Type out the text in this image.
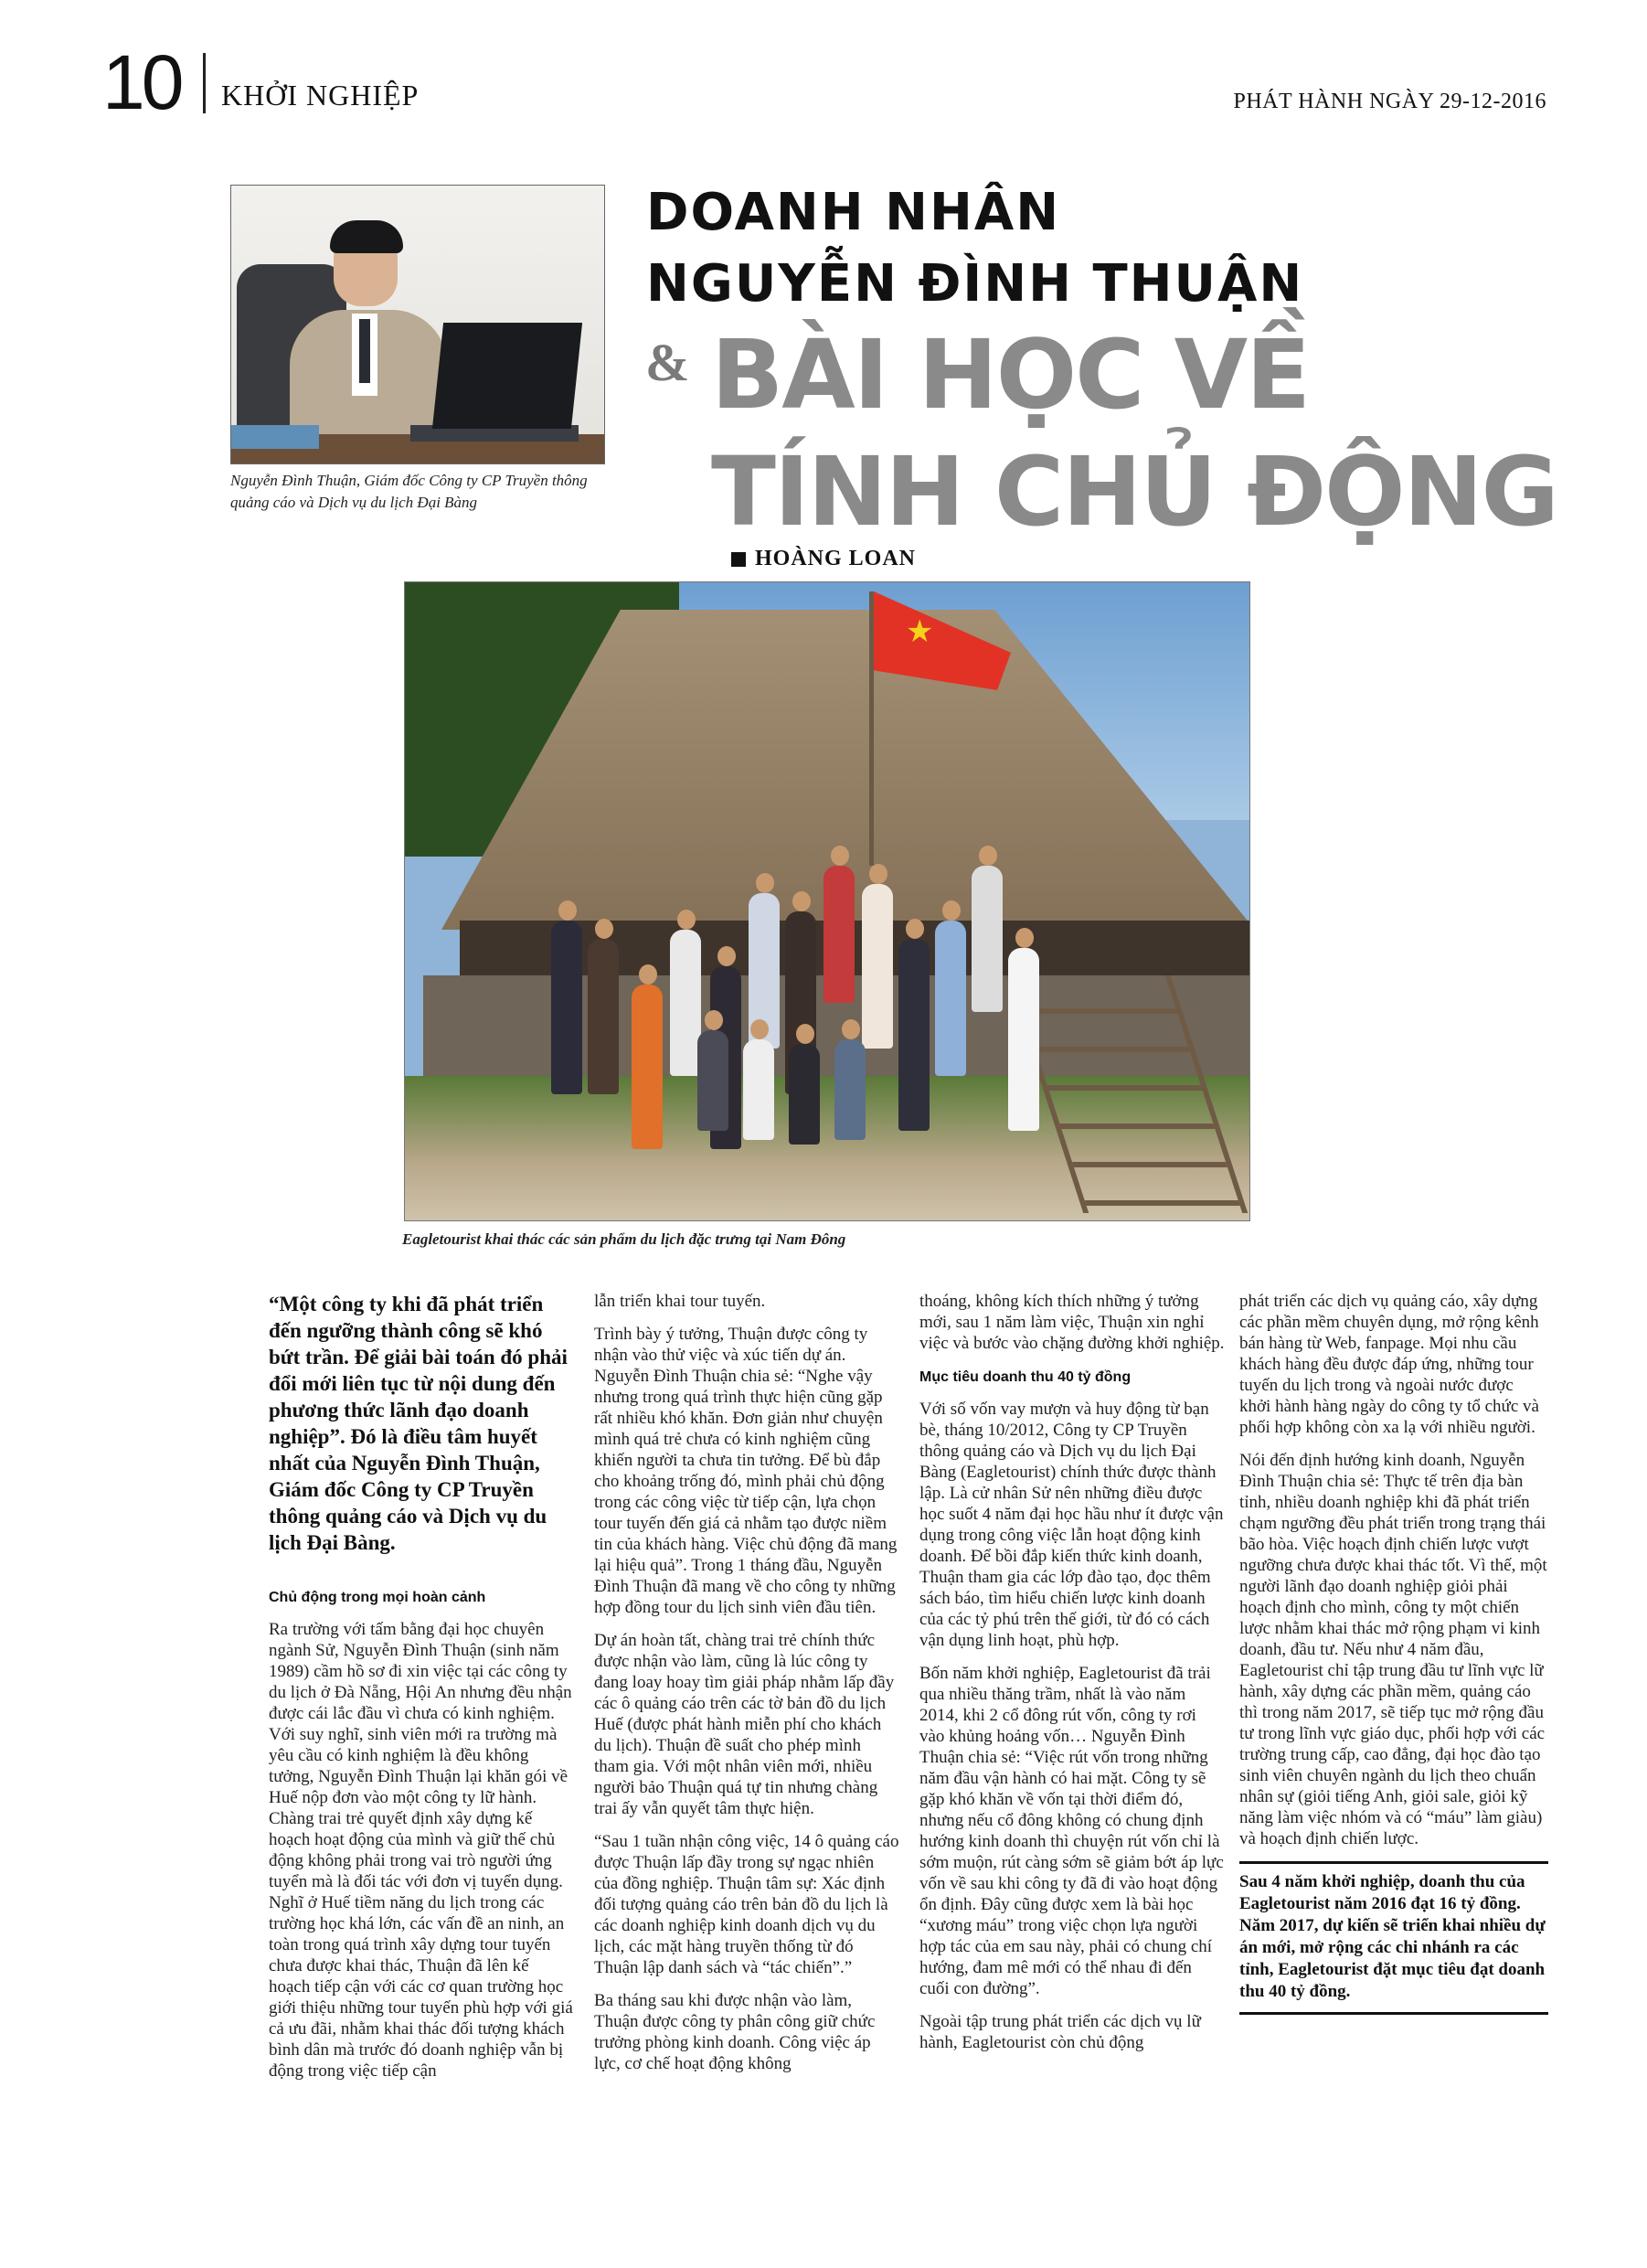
10 KHỞI NGHIỆP	PHÁT HÀNH NGÀY 29-12-2016
Nguyễn Đình Thuận, Giám đốc Công ty CP Truyền thông quảng cáo và Dịch vụ du lịch Đại Bàng
DOANH NHÂN
NGUYỄN ĐÌNH THUẬN
& BÀI HỌC VỀ
TÍNH CHỦ ĐỘNG
HOÀNG LOAN
★
Eagletourist khai thác các sản phẩm du lịch đặc trưng tại Nam Đông
“Một công ty khi đã phát triển đến ngưỡng thành công sẽ khó bứt trần. Để giải bài toán đó phải đổi mới liên tục từ nội dung đến phương thức lãnh đạo doanh nghiệp”. Đó là điều tâm huyết nhất của Nguyễn Đình Thuận, Giám đốc Công ty CP Truyền thông quảng cáo và Dịch vụ du lịch Đại Bàng.
Chủ động trong mọi hoàn cảnh

Ra trường với tấm bằng đại học chuyên ngành Sử, Nguyễn Đình Thuận (sinh năm 1989) cầm hồ sơ đi xin việc tại các công ty du lịch ở Đà Nẵng, Hội An nhưng đều nhận được cái lắc đầu vì chưa có kinh nghiệm. Với suy nghĩ, sinh viên mới ra trường mà yêu cầu có kinh nghiệm là đều không tưởng, Nguyễn Đình Thuận lại khăn gói về Huế nộp đơn vào một công ty lữ hành. Chàng trai trẻ quyết định xây dựng kế hoạch hoạt động của mình và giữ thế chủ động không phải trong vai trò người ứng tuyển mà là đối tác với đơn vị tuyển dụng. Nghĩ ở Huế tiềm năng du lịch trong các trường học khá lớn, các vấn đề an ninh, an toàn trong quá trình xây dựng tour tuyến chưa được khai thác, Thuận đã lên kế hoạch tiếp cận với các cơ quan trường học giới thiệu những tour tuyến phù hợp với giá cả ưu đãi, nhằm khai thác đối tượng khách bình dân mà trước đó doanh nghiệp vẫn bị động trong việc tiếp cận

lẫn triển khai tour tuyến.

Trình bày ý tưởng, Thuận được công ty nhận vào thử việc và xúc tiến dự án. Nguyễn Đình Thuận chia sẻ: “Nghe vậy nhưng trong quá trình thực hiện cũng gặp rất nhiều khó khăn. Đơn giản như chuyện mình quá trẻ chưa có kinh nghiệm cũng khiến người ta chưa tin tưởng. Để bù đắp cho khoảng trống đó, mình phải chủ động trong các công việc từ tiếp cận, lựa chọn tour tuyến đến giá cả nhằm tạo được niềm tin của khách hàng. Việc chủ động đã mang lại hiệu quả”. Trong 1 tháng đầu, Nguyễn Đình Thuận đã mang về cho công ty những hợp đồng tour du lịch sinh viên đầu tiên.

Dự án hoàn tất, chàng trai trẻ chính thức được nhận vào làm, cũng là lúc công ty đang loay hoay tìm giải pháp nhằm lấp đầy các ô quảng cáo trên các tờ bản đồ du lịch Huế (được phát hành miễn phí cho khách du lịch). Thuận đề suất cho phép mình tham gia. Với một nhân viên mới, nhiều người bảo Thuận quá tự tin nhưng chàng trai ấy vẫn quyết tâm thực hiện.

“Sau 1 tuần nhận công việc, 14 ô quảng cáo được Thuận lấp đầy trong sự ngạc nhiên của đồng nghiệp. Thuận tâm sự: Xác định đối tượng quảng cáo trên bản đồ du lịch là các doanh nghiệp kinh doanh dịch vụ du lịch, các mặt hàng truyền thống từ đó Thuận lập danh sách và “tác chiến”.”

Ba tháng sau khi được nhận vào làm, Thuận được công ty phân công giữ chức trưởng phòng kinh doanh. Công việc áp lực, cơ chế hoạt động không

thoáng, không kích thích những ý tưởng mới, sau 1 năm làm việc, Thuận xin nghỉ việc và bước vào chặng đường khởi nghiệp.

Mục tiêu doanh thu 40 tỷ đồng

Với số vốn vay mượn và huy động từ bạn bè, tháng 10/2012, Công ty CP Truyền thông quảng cáo và Dịch vụ du lịch Đại Bàng (Eagletourist) chính thức được thành lập. Là cử nhân Sử nên những điều được học suốt 4 năm đại học hầu như ít được vận dụng trong công việc lẫn hoạt động kinh doanh. Để bồi đắp kiến thức kinh doanh, Thuận tham gia các lớp đào tạo, đọc thêm sách báo, tìm hiểu chiến lược kinh doanh của các tỷ phú trên thế giới, từ đó có cách vận dụng linh hoạt, phù hợp.

Bốn năm khởi nghiệp, Eagletourist đã trải qua nhiều thăng trầm, nhất là vào năm 2014, khi 2 cổ đông rút vốn, công ty rơi vào khủng hoảng vốn… Nguyễn Đình Thuận chia sẻ: “Việc rút vốn trong những năm đầu vận hành có hai mặt. Công ty sẽ gặp khó khăn về vốn tại thời điểm đó, nhưng nếu cổ đông không có chung định hướng kinh doanh thì chuyện rút vốn chỉ là sớm muộn, rút càng sớm sẽ giảm bớt áp lực vốn về sau khi công ty đã đi vào hoạt động ổn định. Đây cũng được xem là bài học “xương máu” trong việc chọn lựa người hợp tác của em sau này, phải có chung chí hướng, đam mê mới có thể nhau đi đến cuối con đường”.

Ngoài tập trung phát triển các dịch vụ lữ hành, Eagletourist còn chủ động

phát triển các dịch vụ quảng cáo, xây dựng các phần mềm chuyên dụng, mở rộng kênh bán hàng từ Web, fanpage. Mọi nhu cầu khách hàng đều được đáp ứng, những tour tuyến du lịch trong và ngoài nước được khởi hành hàng ngày do công ty tổ chức và phối hợp không còn xa lạ với nhiều người.

Nói đến định hướng kinh doanh, Nguyễn Đình Thuận chia sẻ: Thực tế trên địa bàn tỉnh, nhiều doanh nghiệp khi đã phát triển chạm ngưỡng đều phát triển trong trạng thái bão hòa. Việc hoạch định chiến lược vượt ngưỡng chưa được khai thác tốt. Vì thế, một người lãnh đạo doanh nghiệp giỏi phải hoạch định cho mình, công ty một chiến lược nhằm khai thác mở rộng phạm vi kinh doanh, đầu tư. Nếu như 4 năm đầu, Eagletourist chỉ tập trung đầu tư lĩnh vực lữ hành, xây dựng các phần mềm, quảng cáo thì trong năm 2017, sẽ tiếp tục mở rộng đầu tư trong lĩnh vực giáo dục, phối hợp với các trường trung cấp, cao đẳng, đại học đào tạo sinh viên chuyên ngành du lịch theo chuẩn nhân sự (giỏi tiếng Anh, giỏi sale, giỏi kỹ năng làm việc nhóm và có “máu” làm giàu) và hoạch định chiến lược.

Sau 4 năm khởi nghiệp, doanh thu của Eagletourist năm 2016 đạt 16 tỷ đồng. Năm 2017, dự kiến sẽ triển khai nhiều dự án mới, mở rộng các chi nhánh ra các tỉnh, Eagletourist đặt mục tiêu đạt doanh thu 40 tỷ đồng.
